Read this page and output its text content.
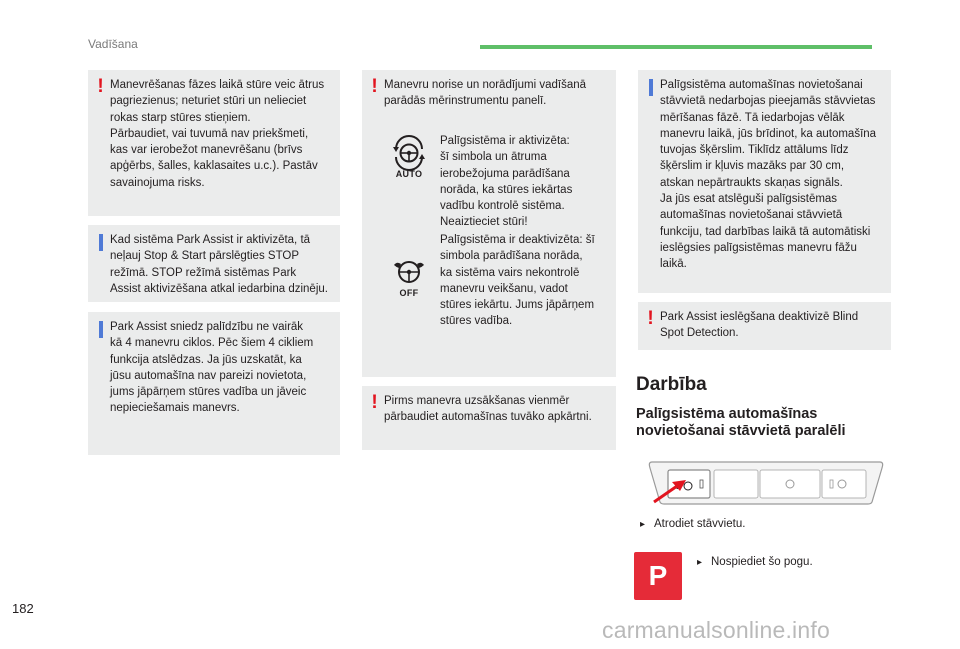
Vadīšana
! Manevrēšanas fāzes laikā stūre veic ātrus
pagriezienus; neturiet stūri un nelieciet
rokas starp stūres stieņiem.
Pārbaudiet, vai tuvumā nav priekšmeti,
kas var ierobežot manevrēšanu (brīvs
apģērbs, šalles, kaklasaites u.c.). Pastāv
savainojuma risks.
Kad sistēma Park Assist ir aktivizēta, tā
neļauj Stop & Start pārslēgties STOP
režīmā. STOP režīmā sistēmas Park
Assist aktivizēšana atkal iedarbina dzinēju.
Park Assist sniedz palīdzību ne vairāk
kā 4 manevru ciklos. Pēc šiem 4 cikliem
funkcija atslēdzas. Ja jūs uzskatāt, ka
jūsu automašīna nav pareizi novietota,
jums jāpārņem stūres vadība un jāveic
nepieciešamais manevrs.
! Manevru norise un norādījumi vadīšanā
parādās mērinstrumentu panelī.
AUTO
Palīgsistēma ir aktivizēta:
šī simbola un ātruma
ierobežojuma parādīšana
norāda, ka stūres iekārtas
vadību kontrolē sistēma.
Neaiztieciet stūri!
OFF
Palīgsistēma ir deaktivizēta: šī
simbola parādīšana norāda,
ka sistēma vairs nekontrolē
manevru veikšanu, vadot
stūres iekārtu. Jums jāpārņem
stūres vadība.
! Pirms manevra uzsākšanas vienmēr
pārbaudiet automašīnas tuvāko apkārtni.
Palīgsistēma automašīnas novietošanai
stāvvietā nedarbojas pieejamās stāvvietas
mērīšanas fāzē. Tā iedarbojas vēlāk
manevru laikā, jūs brīdinot, ka automašīna
tuvojas šķērslim. Tiklīdz attālums līdz
šķērslim ir kļuvis mazāks par 30 cm,
atskan nepārtraukts skaņas signāls.
Ja jūs esat atslēguši palīgsistēmas
automašīnas novietošanai stāvvietā
funkciju, tad darbības laikā tā automātiski
ieslēgsies palīgsistēmas manevru fāžu
laikā.
! Park Assist ieslēgšana deaktivizē Blind
Spot Detection.
Darbība
Palīgsistēma automašīnas
novietošanai stāvvietā paralēli
▸ Atrodiet stāvvietu.
P	▸ Nospiediet šo pogu.
182
carmanualsonline.info
